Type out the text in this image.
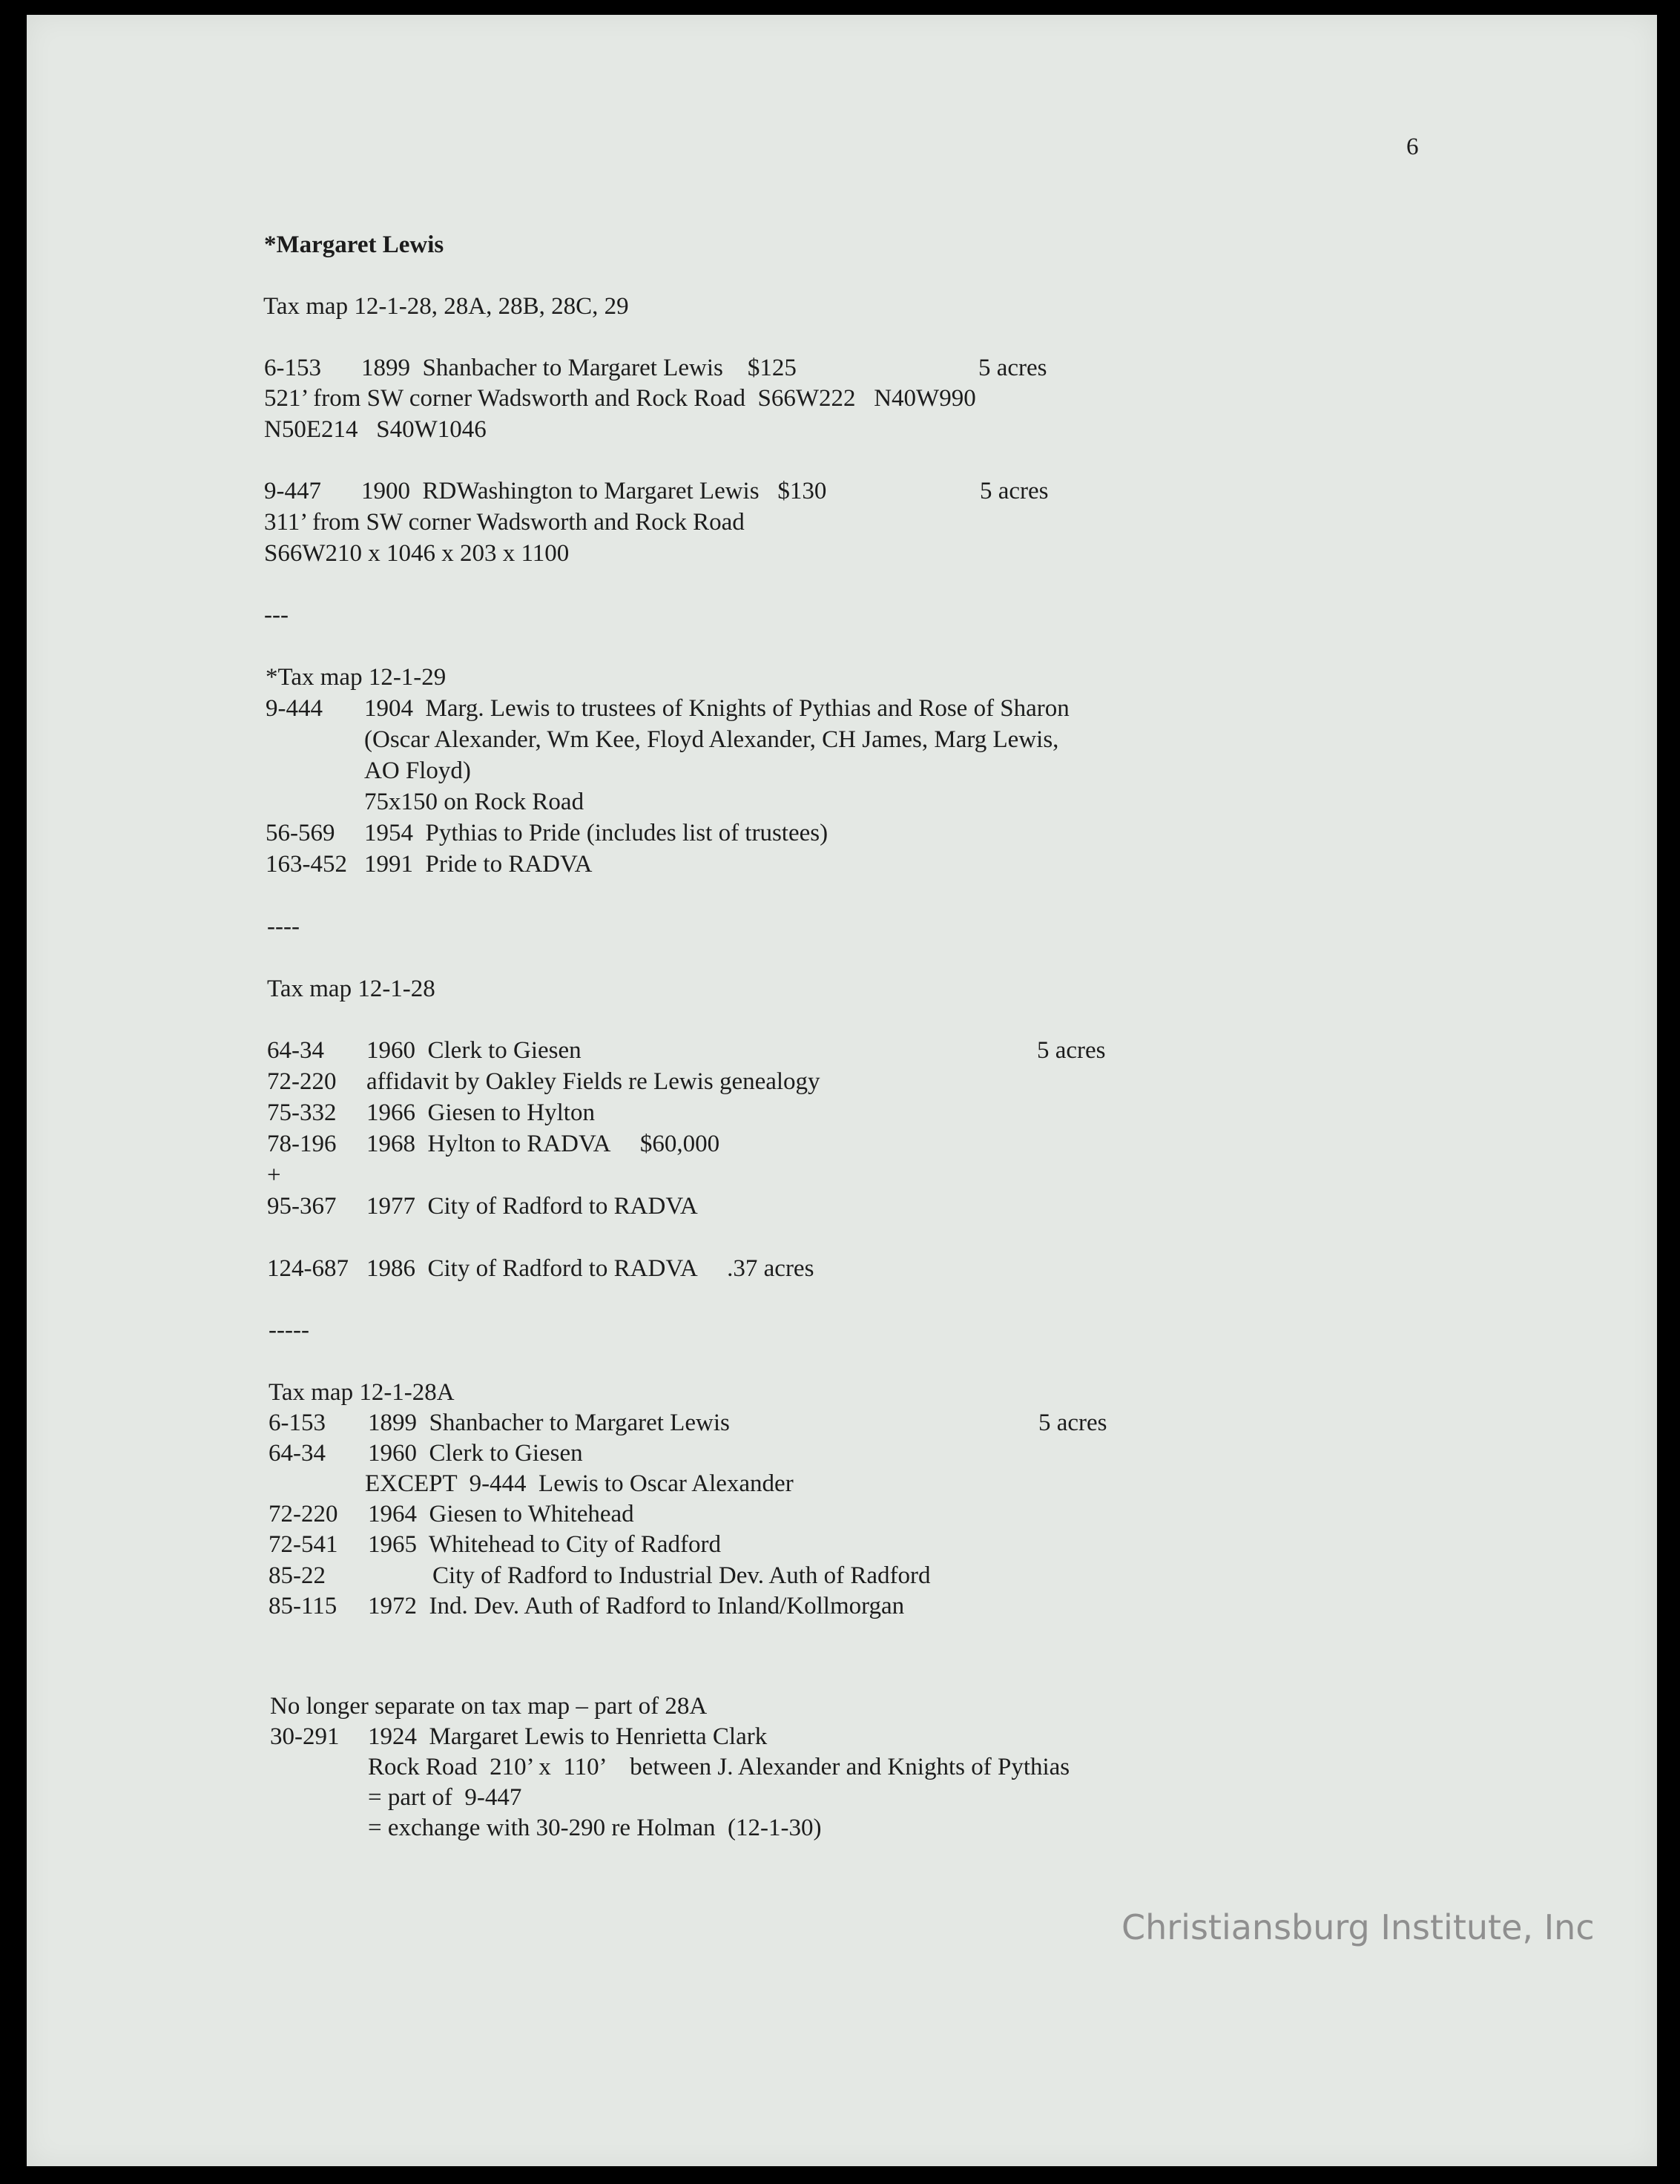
6
*Margaret Lewis
Tax map 12-1-28, 28A, 28B, 28C, 29
6-153 1899  Shanbacher to Margaret Lewis    $125	5 acres
521’ from SW corner Wadsworth and Rock Road  S66W222   N40W990
N50E214   S40W1046
9-447 1900  RDWashington to Margaret Lewis   $130	5 acres
311’ from SW corner Wadsworth and Rock Road
S66W210 x 1046 x 203 x 1100
---
*Tax map 12-1-29
9-444 1904  Marg. Lewis to trustees of Knights of Pythias and Rose of Sharon
(Oscar Alexander, Wm Kee, Floyd Alexander, CH James, Marg Lewis,
AO Floyd)
75x150 on Rock Road
56-569 1954  Pythias to Pride (includes list of trustees)
163-452 1991  Pride to RADVA
----
Tax map 12-1-28
64-34 1960  Clerk to Giesen	5 acres
72-220 affidavit by Oakley Fields re Lewis genealogy
75-332 1966  Giesen to Hylton
78-196 1968  Hylton to RADVA     $60,000
+
95-367 1977  City of Radford to RADVA
124-687 1986  City of Radford to RADVA     .37 acres
-----
Tax map 12-1-28A
6-153 1899  Shanbacher to Margaret Lewis	5 acres
64-34 1960  Clerk to Giesen
EXCEPT  9-444  Lewis to Oscar Alexander
72-220 1964  Giesen to Whitehead
72-541 1965  Whitehead to City of Radford
85-22	City of Radford to Industrial Dev. Auth of Radford
85-115 1972  Ind. Dev. Auth of Radford to Inland/Kollmorgan
No longer separate on tax map – part of 28A
30-291 1924  Margaret Lewis to Henrietta Clark
Rock Road  210’ x  110’    between J. Alexander and Knights of Pythias
= part of  9-447
= exchange with 30-290 re Holman  (12-1-30)
Christiansburg Institute, Inc
